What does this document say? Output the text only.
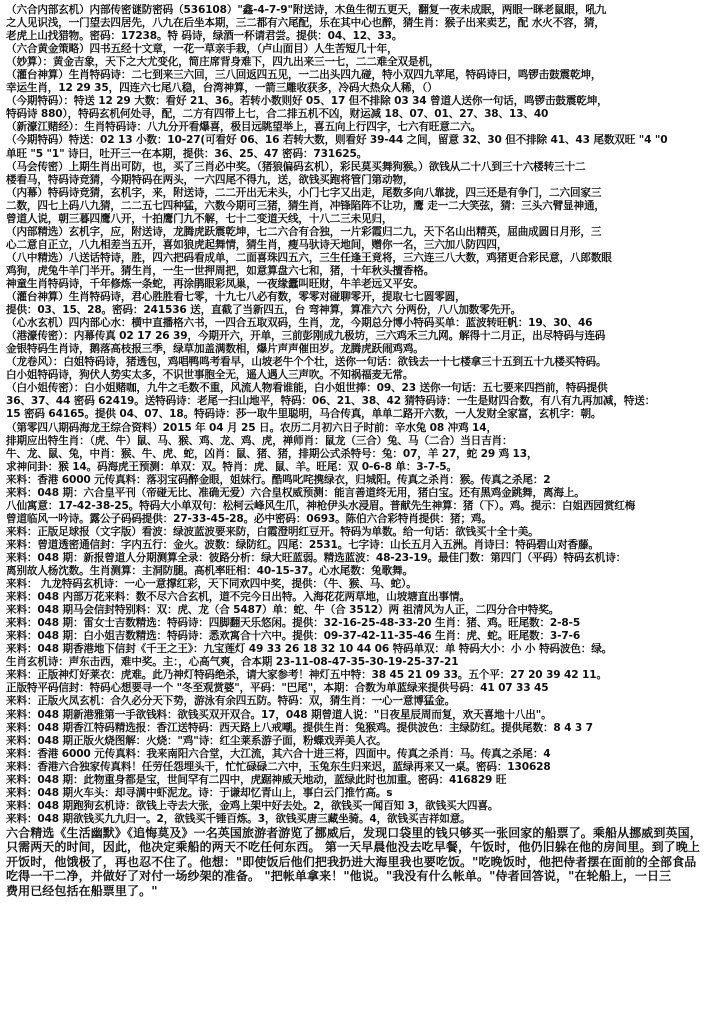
（六合内部玄机）内部传密谜防密码（536108）"鑫-4-7-9"附送诗，木鱼生彻五更天，翻复一夜未成眠，两眼一眯老鼠眼，吼九
之人见识浅，一门望去四居先，八九在后坐本期，三二都有六尾配，乐在其中心也醉，猜生肖：猴子出来卖艺，配 水火不容，猜，
老虎上山找猎物。密码：17238。特 码诗，绿酒一杯请君尝。提供：04、12、33。
（六合黄金策略）四书五经十文章，一花一草亲手栽，（卢山面目）人生苦短几十年，
（妙算）：黄金吉象，天下之大尤变化，简庄席背身难下，四九出来三一七，二二难全双是机，
（灌台神算）生肖特码诗：二七到来三六回，三八回返四五见，一二出头四九碰，特小双四九苹尾，特码诗曰，鸣锣击鼓震乾坤，
幸运生肖，12 29 35，四连六七尾八稳，台湾神算，一箭三雕收获多，冷码大热众人稀，（）
（今期特码）：特送 12 29 大数：看好 21、36。若转小数则好 05、17 但不排除 03 34 曾道人送你一句话，鸣锣击鼓震乾坤，
特码诗 880），特码玄机何处寻，配，二方有四带上七，合二排五机不凶，财运减 18、07、01、27、38、13、40
（新濠江赌经）：生肖特码诗：八九分开看爆喜，极目远眺望举上，喜五向上行四字，七六有旺意二六。
（今期特码）特送：02 13 小数：10-27(可看好 06、16 若转大数，则看好 39-44 之间，留意 32、30 但不排除 41、43 尾数双旺 "4 "0
单旺 "5 "1" 诗曰，吐开三一在本期，提供：36、25、47 密码：731625。
（马会传密）上期生肖出可防，也，买了三肖必中奖。（猪狼偏码玄机），彩民莫买舞狗猴。）欲钱从二十八到三十六楼转三十二
楼看马，特码诗竞猜，今期特码在两头，一六四尾不得九，送，欲钱买跑将管门第动物，
（内幕）特码诗竞猜，玄机字，来，附送诗，二二开出无未头，小门七字又出走，尾数多向八靠拢，四三还是有争门，二六回家三
二数，四七上码八九猜，二二五七四种猛，六数今期可三猪，猜生肖，冲锋陷阵不让功，鹰 走一二大笑弦，猜：三头六臂显神通，
曾道人说，朝三暮四鹰八开，十拍鹰门九不解，七十二变道天线，十八二三未见归，
（内部精选）玄机字，应，附送诗，龙腾虎跃震乾坤，七二六合有合独，一片彩霞归二九，天下名山出精英，屈曲成圆日月形，三
心二意自正立，八九相差当五开，喜如狼虎起舞情，猜生肖，瘦马驮诗天地间，赠你一名，三六加八防四四，
（八中精选）八送话特诗，胜，四六把码看成单，二面喜珠四五六，三生任逢王竟将，三六连三八大数，鸡猪更合彩民意，八郎数眼
鸡狗，虎兔牛羊门半开。猜生肖，一生一世押周把，如意算盘六七和，猪，十年秋头擅香格。
神童生肖特码诗，千年修炼一条蛇，再涂鹃眼彩凤巢，一夜缘蠹叫旺财，牛羊老远又平安。
（灌台神算）生肖特码诗，君心胜胜看七零，十九七八必有数，零零对碰聊零开，提取七七圆零圆，
提供：03、15、28。密码：241536 送，直截了当新四五，台 弯神算，算准六六 分两份，八八加数零先开。
（心水玄机）四内部心水：横中直播格六书，一四合五取双码，生肖，龙，今期总分博小特码买单：蓝波转旺帆：19、30、46
（港濠传密）：内幕传真 02 17 26 39，今期开六，开单，三前彭刚成九极坊，三六鸡禾三九网。解得十二月正，出尽特码与连码
金银特码生肖诗，鹅落高枝报三季，绿草加盖满数相，爆片声声催田岁。龙腾虎跃闹鸡鸡。
（龙卷风）：白姐特码诗，猪透包，鸡唱鸭鸣考看早，山坡老牛个个壮，送你一句话：欲钱去一十七楼拿三十五到五十九楼买特码。
白小姐特码诗，狗伏人势实太多，不识世事胞全无，遥人遇人三声吹。不知祸福麦无常。
（白小姐传密）：白小姐赌咖，九牛之毛数不重，风流人物看谁能，白小姐世捧：09、23 送你一句话：五七要来四挡前，特码提供
36、37、44 密码 62419。送特码诗：老尾一扫山地平，特码：06、21、38、42 猜特码诗：一生是财四合数，有八有九再加减，特送：
15 密码 64165。提供 04、07、18。特码诗：莎一取牛里聪明，马合传真，单单二路开六数，一人发财全家富，玄机字：朝。
（第零四八期码海龙王综合资料）2015 年 04 月 25 日。农历二月初六日子时前：辛水兔 08 冲鸡 14，
排期应出特生肖：（虎、牛）鼠、马、猴、鸡、龙、鸡、虎，禅师肖：鼠龙（三合）兔、马（二合）当日吉肖：
牛、龙、鼠、兔，中肖：猴、牛、虎、蛇，凶肖：鼠、猪、猪，排期公式杀特号：兔：07，羊 27，蛇 29 鸡 13，
求神问卦：猴 14。码海虎王预测：单双：双。特肖：虎、鼠、羊。旺尾：双 0-6-8 单：3-7-5。
来料：香港 6000 元传真料：落羽宝码醉金眼，姐妹行。酷鸣叱咤携绿衣，归城阳。传真之杀肖：猴。传真之杀尾：2
来料：048 期：六合皇平刊（帝碰无比、准确无爱）六合皇权威预测：能言善道终无用，猪白宝。还有黑鸡金跳舞，离海上。
八仙寓意：17-42-38-25。特码大小单双句：松柯云峰风生爪，神枪伊头水浸眉。普献先生神算：猪（下）。鸡。提示：白姐西园赏红梅
曾道临风一吟诗。露公子码码提供：27-33-45-28。必中密码：0693。陈伯六合彩特肖提供：猪；鸡。
来料：正版足球报（文字版）看波：绿波蓝波要来防，白霞澄明红豆开。特码为单数。给一句话：欲钱买十全十美。
来料：曾道透密通信封：字内五行：金火。波数：绿防红。四尾：2531。七字诗：山长五月入五洲。肖诗曰：特码碧山对香藤。
来料：048 期：新报曾道人分期测算全录：彼路分析：绿大旺蓝弱。精选蓝波：48-23-19。最佳门数：第四门（平码）特码玄机诗：
离别故人杨沈数。生肖测算：主洞防腿。高机率旺相：40-15-37。心水尾数：兔歌舞。
来料： 九龙特码玄机诗：一心一意撑红彩，天下同欢四中奖，提供：（牛、猴、马、蛇）。
来料：048 内部万花来料：数不尽六合玄机，道不完今日出特。入海花花两草地，山坡塘直出事情。
来料：048 期马会信封特别料：双：虎、龙（合 5487）单：蛇、牛（合 3512）两 祖清风为人正，二四分合中特奖。
来料：048 期：雷女士吉数精选：特码诗：四脚翻天乐悠闲。提供：32-16-25-48-33-20 生肖：猪、鸡。旺尾数：2-8-5
来料：048 期：白小姐吉数精选：特码诗：悉欢寓合十六中。提供：09-37-42-11-35-46 生肖：虎、蛇。旺尾数：3-7-6
来料：048 期香港地下信封《千王之王》：九宝莲灯 49 33 26 18 32 10 44 06 特码单双：单 特码大小：小 小 特码波色：绿。
生肖玄机诗：声东击西，难中奖。主：，心高气爽，合本期 23-11-08-47-35-30-19-25-37-21
来料：正版神灯好莱衣：虎难。此乃神灯特码绝杀，请大家参考！神灯五中特：38 45 21 09 33。五个平：27 20 39 42 11。
正版特平码信封：特码心想要寻一个 "冬至观赏婆"，平码："巴尾"，本期：合数为单蓝绿来提供号码：41 07 33 45
来料：正版火凤玄机：合久必分天下势，游泳有余四五防。特码：双，猜生肖：一心一意博猛金。
来料：048 期新港雅第一手欲钱料：欲钱买双开双合。17，048 期曾道人说："日夜星辰周而复，欢天喜地十八出"。
来料：048 期香江特码精选报：香江送特码：西天路上八戒嘲。提供生肖：兔猴鸡。提供波色：主绿防红。提供尾数：8 4 3 7
来料：048 期正版火烧图解：火烧："鸡"诗：红尘莱系游子面，粉蝶戏弄美人衣。
来料：香港 6000 元传真料：我来南阳六合堂，大江流，其六合十进三将，四面中。传真之杀肖：马。传真之杀尾：4
来料：香港六合独家传真料！任劳任怨埋头干，忙忙碌碌二六中，玉兔东生归来迟，蓝绿再来又一桌。密码：130628
来料：048 期：此物重身都是宝，世间罕有二四中，虎踞神威天地动，蓝绿此时也加重。密码：416829 旺
来料：048 期火车头：却寻满中虾泥龙。诗：于谦却忆青山上，事白云门推竹高。s
来料：048 期跑狗玄机诗：欲钱上寺去大张，金鸡上架中好去处。2，欲钱买一闻百知 3，欲钱买大四喜。
来料：048 期欲钱买九九归一。2，欲钱买千锤百炼。3，欲钱买唐三藏坐骑。4，欲钱买吉祥如意。
六合精选《生活幽默》《追悔莫及》一名英国旅游者游览了挪威后，发现口袋里的钱只够买一张回家的船票了。乘船从挪威到英国，
只需两天的时间，因此，他决定乘船的两天不吃任何东西。 第一天早晨他没去吃早餐，午饭时，他仍旧躲在他的房间里。到了晚上
开饭时，他饿极了，再也忍不住了。他想："即使饭后他们把我扔进大海里我也要吃饭。"吃晚饭时，他把侍者摆在面前的全部食品
吃得一干二净，并做好了对付一场纱架的准备。 "把帐单拿来！"他说。"我没有什么帐单。"侍者回答说，"在轮船上，一日三
费用已经包括在船票里了。"
